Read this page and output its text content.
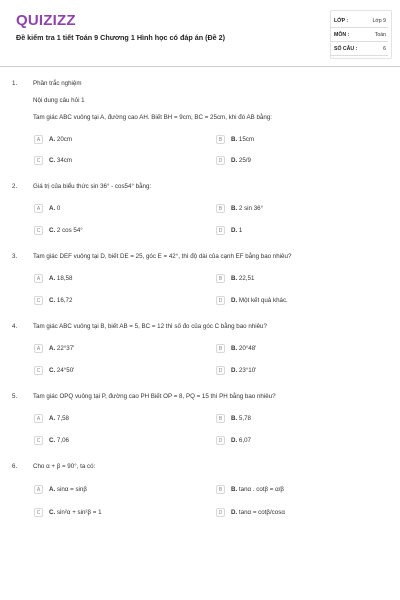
QUIZIZZ
Đề kiểm tra 1 tiết Toán 9 Chương 1 Hình học có đáp án (Đề 2)
LỚP :	Lớp 9
MÔN :	Toán
SỐ CÂU :	6
1.	Phần trắc nghiệm
Nội dung câu hỏi 1
Tam giác ABC vuông tại A, đường cao AH. Biết BH = 9cm, BC = 25cm, khi đó AB bằng:
A	A. 20cm	B	B. 15cm
C	C. 34cm	D	D. 25/9
2.	Giá trị của biểu thức sin 36° - cos54° bằng:
A	A. 0	B	B. 2 sin 36°
C	C. 2 cos 54°	D	D. 1
3.	Tam giác DEF vuông tại D, biết DE = 25, góc E = 42°, thì độ dài của cạnh EF bằng bao nhiêu?
A	A. 18,58	B	B. 22,51
C	C. 16,72	D	D. Một kết quả khác.
4.	Tam giác ABC vuông tại B, biết AB = 5, BC = 12 thì số đo của góc C bằng bao nhiêu?
A	A. 22°37'	B	B. 20°48'
C	C. 24°50'	D	D. 23°10'
5.	Tam giác OPQ vuông tại P, đường cao PH Biết OP = 8, PQ = 15 thì PH bằng bao nhiêu?
A	A. 7,58	B	B. 5,78
C	C. 7,06	D	D. 6,07
6.	Cho α + β = 90°, ta có:
A	A. sinα = sinβ	B	B. tanα . cotβ = α/β
C	C. sin²α + sin²β = 1	D	D. tanα = cotβ/cosα
